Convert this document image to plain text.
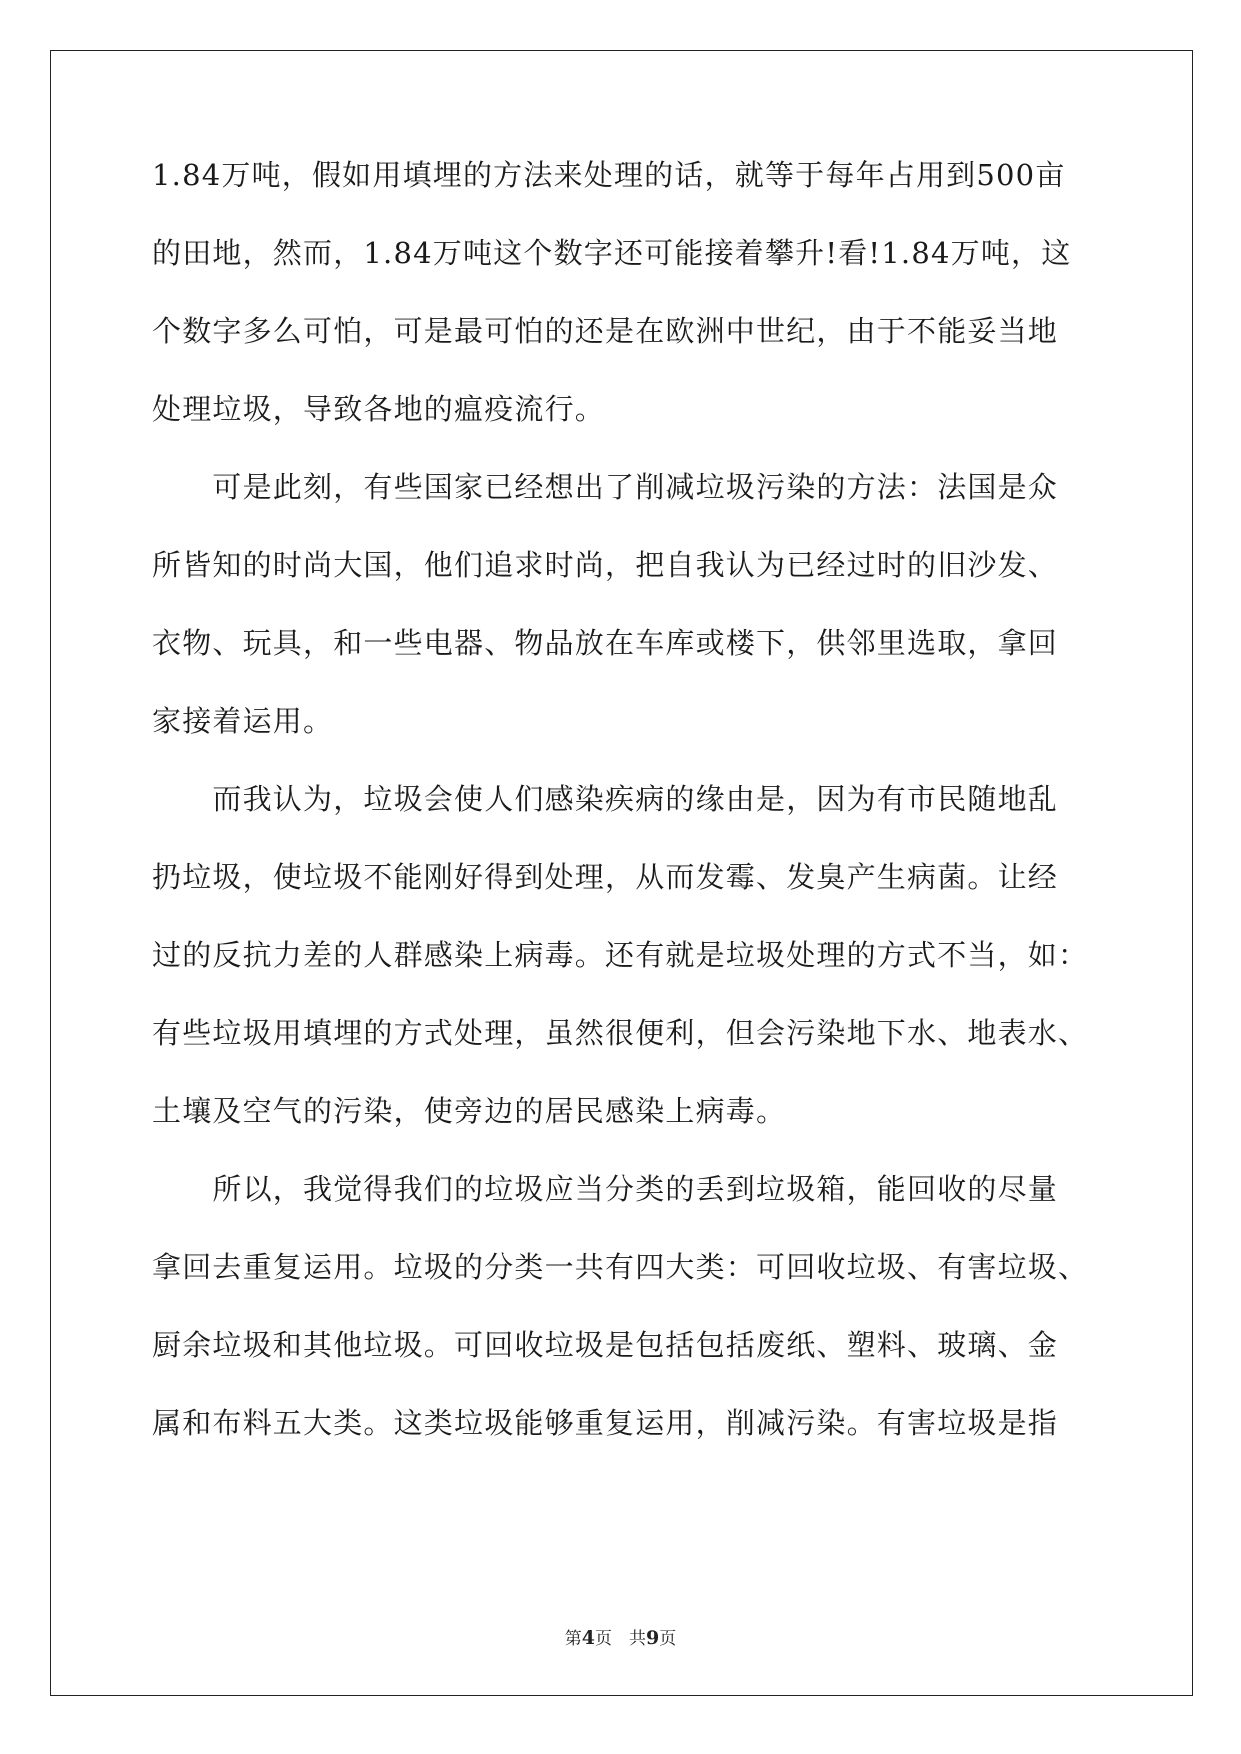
1.84万吨，假如用填埋的方法来处理的话，就等于每年占用到500亩
的田地，然而，1.84万吨这个数字还可能接着攀升!看!1.84万吨，这
个数字多么可怕，可是最可怕的还是在欧洲中世纪，由于不能妥当地
处理垃圾，导致各地的瘟疫流行。
　　可是此刻，有些国家已经想出了削减垃圾污染的方法：法国是众
所皆知的时尚大国，他们追求时尚，把自我认为已经过时的旧沙发、
衣物、玩具，和一些电器、物品放在车库或楼下，供邻里选取，拿回
家接着运用。
　　而我认为，垃圾会使人们感染疾病的缘由是，因为有市民随地乱
扔垃圾，使垃圾不能刚好得到处理，从而发霉、发臭产生病菌。让经
过的反抗力差的人群感染上病毒。还有就是垃圾处理的方式不当，如：
有些垃圾用填埋的方式处理，虽然很便利，但会污染地下水、地表水、
土壤及空气的污染，使旁边的居民感染上病毒。
　　所以，我觉得我们的垃圾应当分类的丢到垃圾箱，能回收的尽量
拿回去重复运用。垃圾的分类一共有四大类：可回收垃圾、有害垃圾、
厨余垃圾和其他垃圾。可回收垃圾是包括包括废纸、塑料、玻璃、金
属和布料五大类。这类垃圾能够重复运用，削减污染。有害垃圾是指
第4页　共9页
